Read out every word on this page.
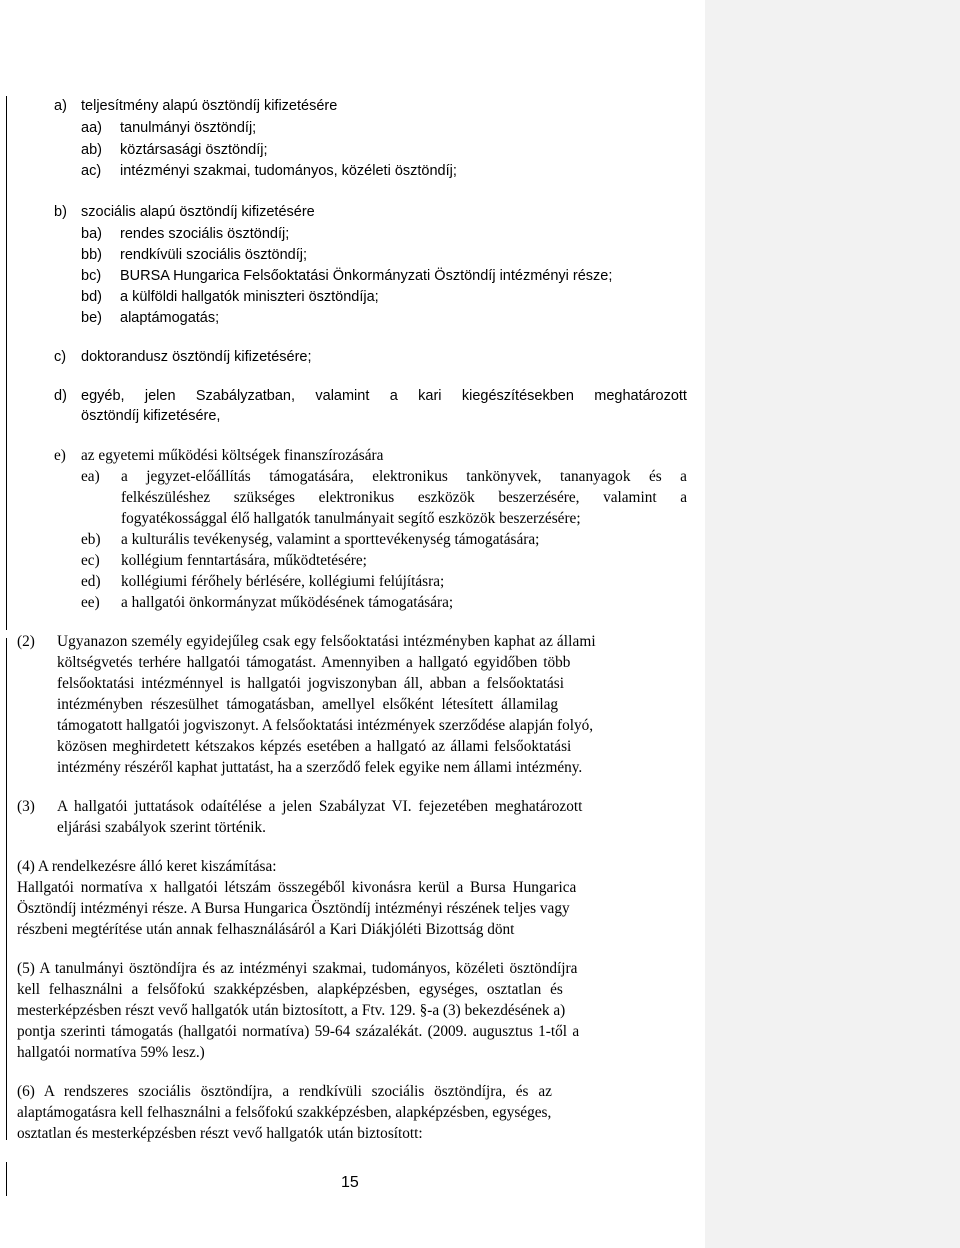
a) teljesítmény alapú ösztöndíj kifizetésére
aa) tanulmányi ösztöndíj;
ab) köztársasági ösztöndíj;
ac) intézményi szakmai, tudományos, közéleti ösztöndíj;
b) szociális alapú ösztöndíj kifizetésére
ba) rendes szociális ösztöndíj;
bb) rendkívüli szociális ösztöndíj;
bc) BURSA Hungarica Felsőoktatási Önkormányzati Ösztöndíj intézményi része;
bd) a külföldi hallgatók miniszteri ösztöndíja;
be) alaptámogatás;
c) doktorandusz ösztöndíj kifizetésére;
d) egyéb, jelen Szabályzatban, valamint a kari kiegészítésekben meghatározott
ösztöndíj kifizetésére,
e) az egyetemi működési költségek finanszírozására
ea) a jegyzet-előállítás támogatására, elektronikus tankönyvek, tananyagok és a
felkészüléshez szükséges elektronikus eszközök beszerzésére, valamint a
fogyatékossággal élő hallgatók tanulmányait segítő eszközök beszerzésére;
eb) a kulturális tevékenység, valamint a sporttevékenység támogatására;
ec) kollégium fenntartására, működtetésére;
ed) kollégiumi férőhely bérlésére, kollégiumi felújításra;
ee) a hallgatói önkormányzat működésének támogatására;
(2) Ugyanazon személy egyidejűleg csak egy felsőoktatási intézményben kaphat az állami
költségvetés terhére hallgatói támogatást. Amennyiben a hallgató egyidőben több
felsőoktatási intézménnyel is hallgatói jogviszonyban áll, abban a felsőoktatási
intézményben részesülhet támogatásban, amellyel elsőként létesített államilag
támogatott hallgatói jogviszonyt. A felsőoktatási intézmények szerződése alapján folyó,
közösen meghirdetett kétszakos képzés esetében a hallgató az állami felsőoktatási
intézmény részéről kaphat juttatást, ha a szerződő felek egyike nem állami intézmény.
(3) A hallgatói juttatások odaítélése a jelen Szabályzat VI. fejezetében meghatározott
eljárási szabályok szerint történik.
(4) A rendelkezésre álló keret kiszámítása:
Hallgatói normatíva x hallgatói létszám összegéből kivonásra kerül a Bursa Hungarica
Ösztöndíj intézményi része. A Bursa Hungarica Ösztöndíj intézményi részének teljes vagy
részbeni megtérítése után annak felhasználásáról a Kari Diákjóléti Bizottság dönt
(5) A tanulmányi ösztöndíjra és az intézményi szakmai, tudományos, közéleti ösztöndíjra
kell felhasználni a felsőfokú szakképzésben, alapképzésben, egységes, osztatlan és
mesterképzésben részt vevő hallgatók után biztosított, a Ftv. 129. §-a (3) bekezdésének a)
pontja szerinti támogatás (hallgatói normatíva) 59-64 százalékát. (2009. augusztus 1-től a
hallgatói normatíva 59% lesz.)
(6) A rendszeres szociális ösztöndíjra, a rendkívüli szociális ösztöndíjra, és az
alaptámogatásra kell felhasználni a felsőfokú szakképzésben, alapképzésben, egységes,
osztatlan és mesterképzésben részt vevő hallgatók után biztosított:
15
